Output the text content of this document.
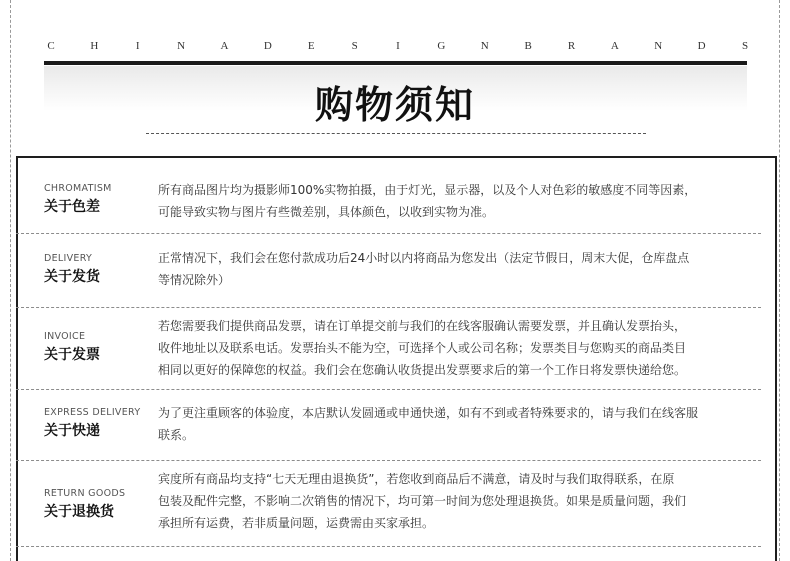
C	H	I	N	A	D	E	S	I	G	N	B	R	A	N	D	S
购物须知
CHROMATISM
关于色差
所有商品图片均为摄影师100%实物拍摄，由于灯光，显示器，以及个人对色彩的敏感度不同等因素，
可能导致实物与图片有些微差别，具体颜色，以收到实物为准。
DELIVERY
关于发货
正常情况下，我们会在您付款成功后24小时以内将商品为您发出（法定节假日，周末大促，仓库盘点
等情况除外）
INVOICE
关于发票
若您需要我们提供商品发票，请在订单提交前与我们的在线客服确认需要发票，并且确认发票抬头，
收件地址以及联系电话。发票抬头不能为空，可选择个人或公司名称；发票类目与您购买的商品类目
相同以更好的保障您的权益。我们会在您确认收货提出发票要求后的第一个工作日将发票快递给您。
EXPRESS DELIVERY
关于快递
为了更注重顾客的体验度，本店默认发圆通或申通快递，如有不到或者特殊要求的，请与我们在线客服
联系。
RETURN GOODS
关于退换货
宾度所有商品均支持“七天无理由退换货”，若您收到商品后不满意，请及时与我们取得联系，在原
包装及配件完整，不影响二次销售的情况下，均可第一时间为您处理退换货。如果是质量问题，我们
承担所有运费，若非质量问题，运费需由买家承担。
